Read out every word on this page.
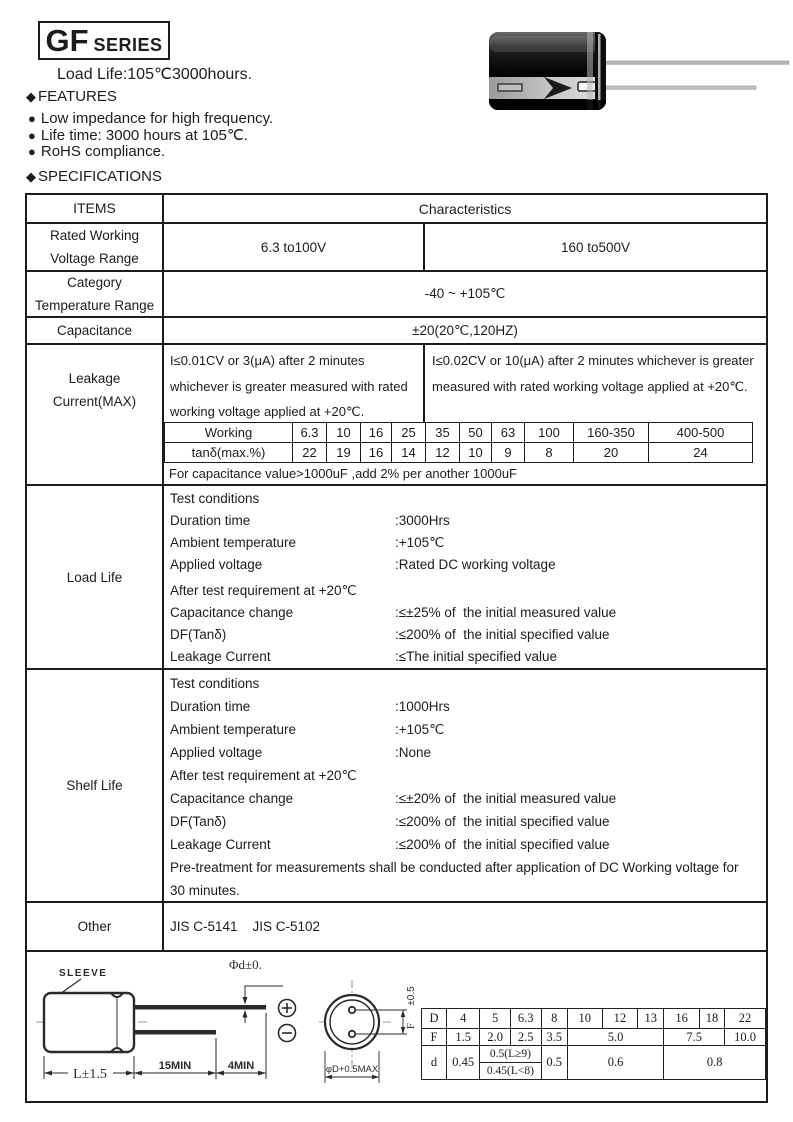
GF SERIES
Load Life:105℃3000hours.
◆ FEATURES
● Low impedance for high frequency.
● Life time: 3000 hours at 105℃.
● RoHS compliance.
◆ SPECIFICATIONS
ITEMS	Characteristics
Rated Working
Voltage Range
6.3 to100V	160 to500V
Category
Temperature Range
-40 ~ +105℃
Capacitance	±20(20℃,120HZ)
Leakage
Current(MAX)
I≤0.01CV or 3(μA) after 2 minutes whichever is greater measured with rated working voltage applied at +20℃.
I≤0.02CV or 10(μA) after 2 minutes whichever is greater measured with rated working voltage applied at +20℃.
Working	6.3	10	16	25	35	50	63	100	160-350	400-500
tanδ(max.%)	22	19	16	14	12	10	9	8	20	24
For capacitance value>1000uF ,add 2% per another 1000uF
Load Life
Test conditions
Duration time	:3000Hrs
Ambient temperature	:+105℃
Applied voltage	:Rated DC working voltage
After test requirement at +20℃
Capacitance change	:≤±25% of  the initial measured value
DF(Tanδ)	:≤200% of  the initial specified value
Leakage Current	:≤The initial specified value
Shelf Life
Test conditions
Duration time	:1000Hrs
Ambient temperature	:+105℃
Applied voltage	:None
After test requirement at +20℃
Capacitance change	:≤±20% of  the initial measured value
DF(Tanδ)	:≤200% of  the initial specified value
Leakage Current	:≤200% of  the initial specified value
Pre-treatment for measurements shall be conducted after application of DC Working voltage for
30 minutes.
Other	JIS C-5141    JIS C-5102
SLEEVE
Φd±0.
L±1.5
15MIN	4MIN
F
±0.5
φD+0.5MAX
D	4	5	6.3	8	10	12	13	16	18	22
F	1.5	2.0	2.5	3.5	5.0			7.5		10.0
d	0.45	0.5(L≥9)		0.5	0.6			0.8		
		0.45(L<8)								
